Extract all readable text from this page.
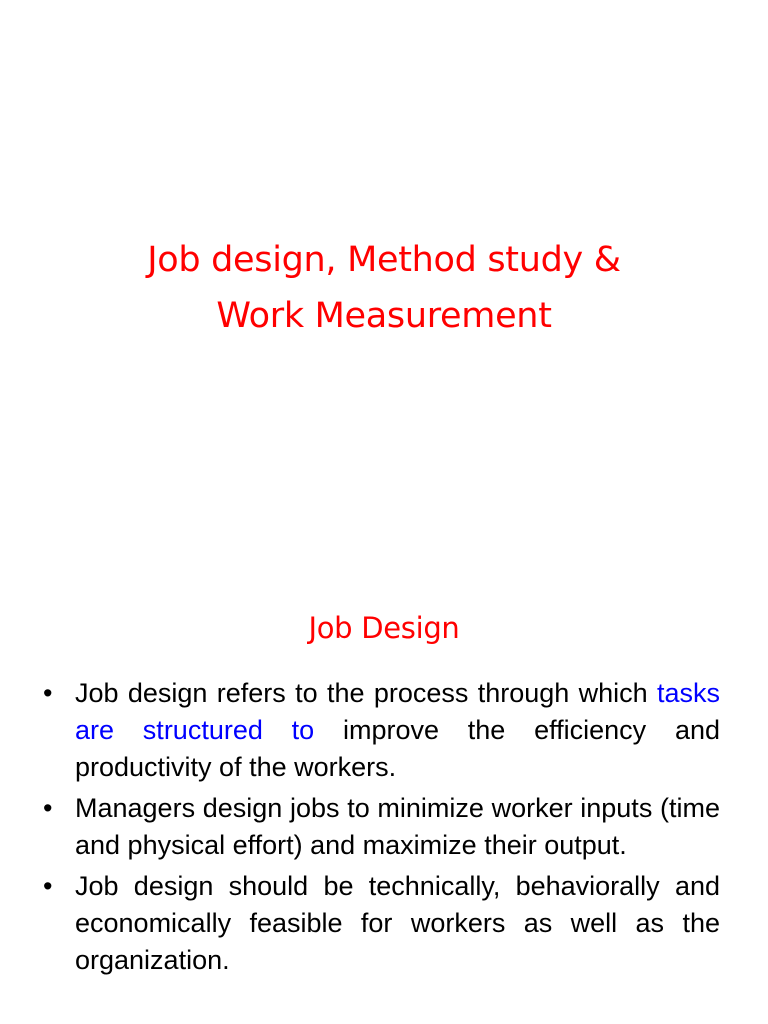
Job design, Method study &
Work Measurement
Job Design
• Job design refers to the process through which tasks are structured to improve the efficiency and productivity of the workers.
• Managers design jobs to minimize worker inputs (time and physical effort) and maximize their output.
• Job design should be technically, behaviorally and economically feasible for workers as well as the organization.
